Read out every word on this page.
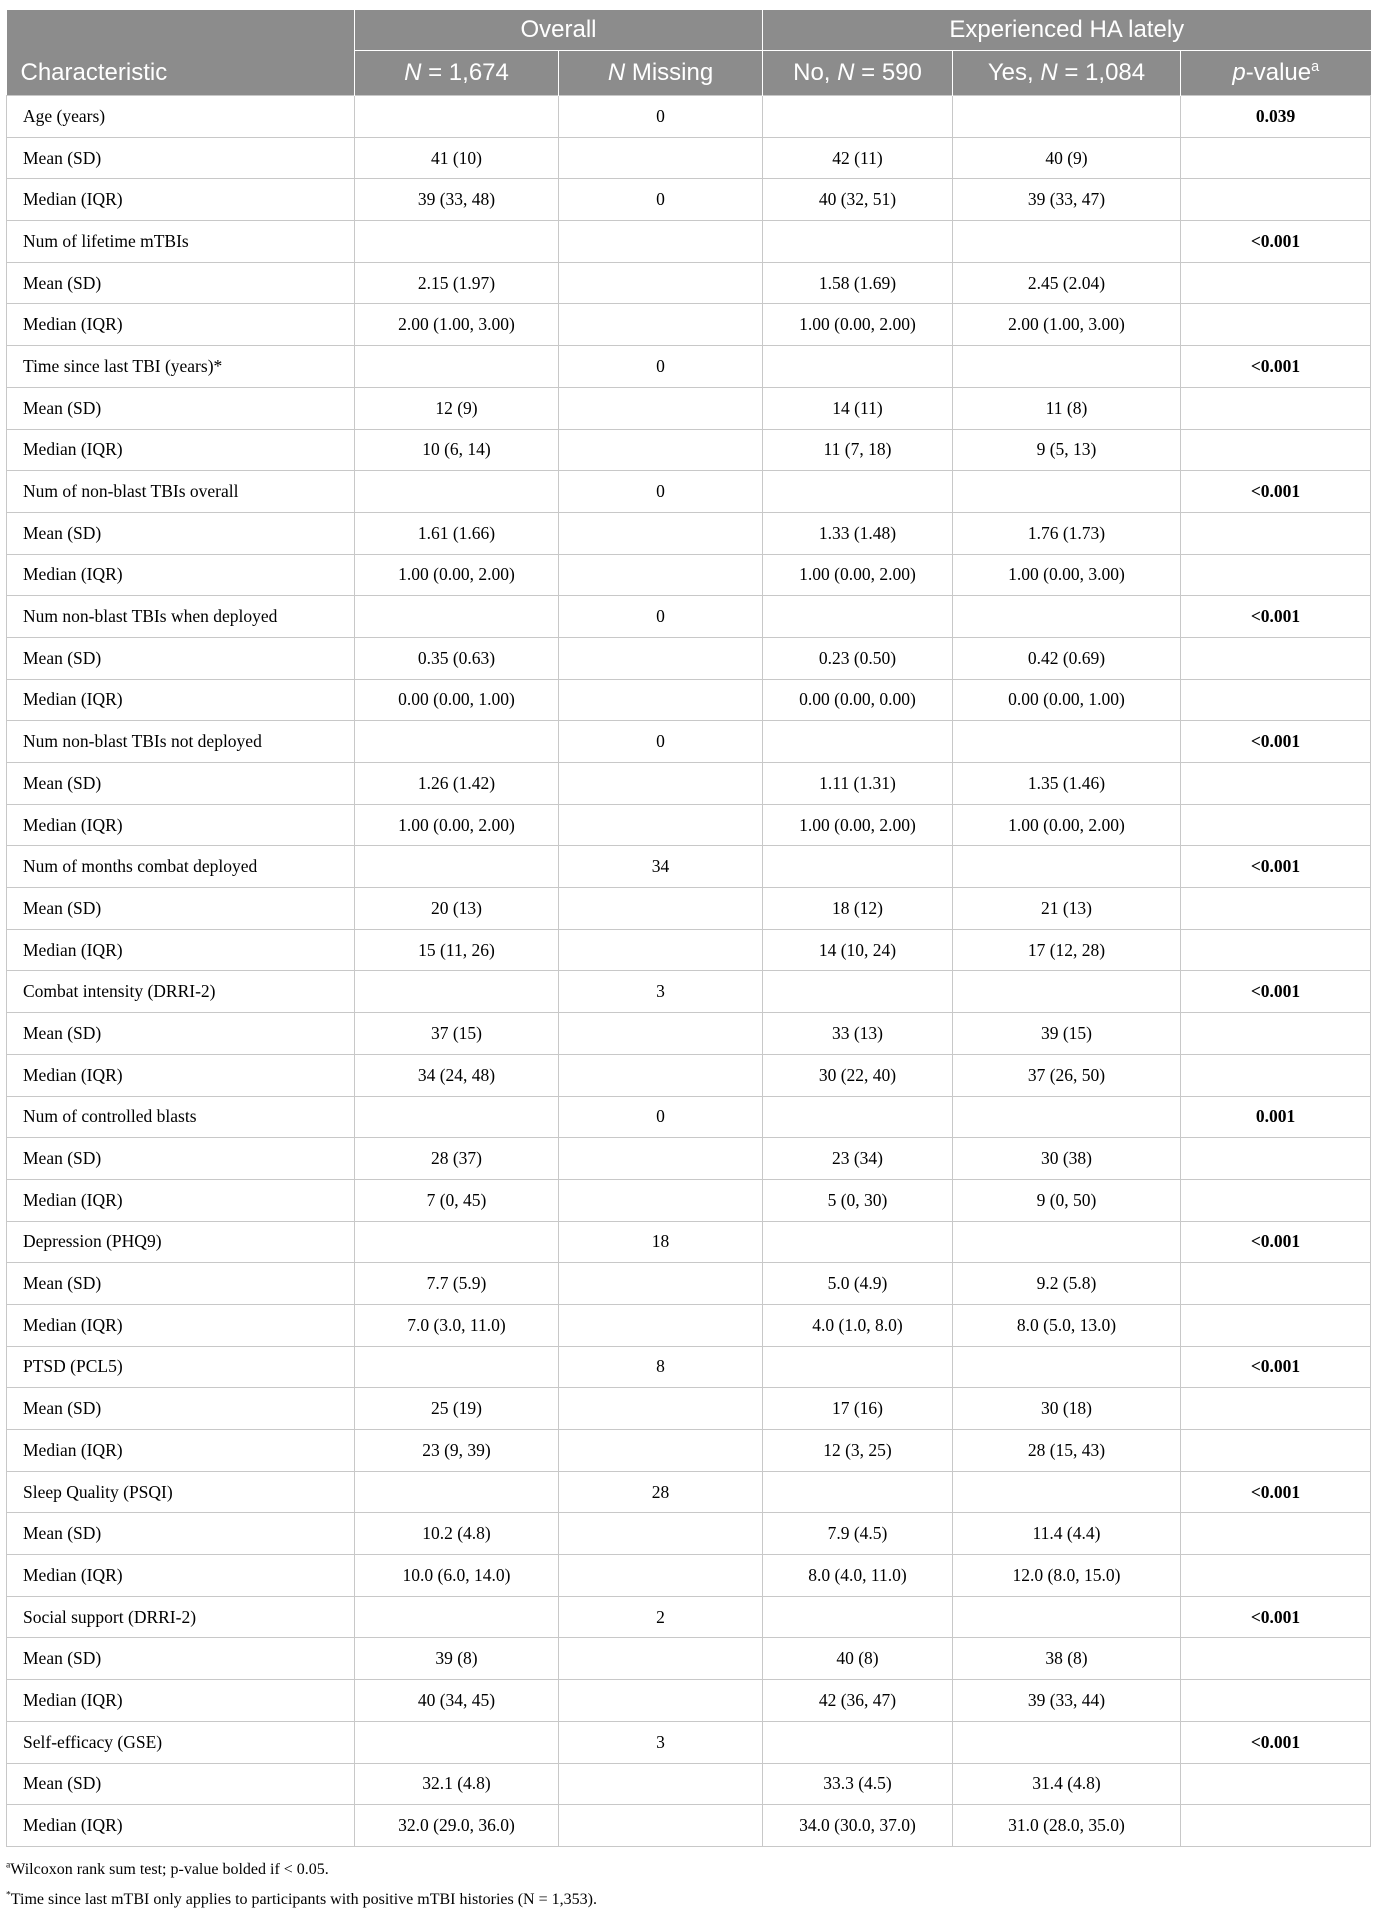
	Overall		Experienced HA lately		
Characteristic	N = 1,674	N Missing	No, N = 590	Yes, N = 1,084	p-value$^a$
Age (years)		0			0.039
Mean (SD)	41 (10)		42 (11)	40 (9)	
Median (IQR)	39 (33, 48)	0	40 (32, 51)	39 (33, 47)	
Num of lifetime mTBIs					<0.001
Mean (SD)	2.15 (1.97)		1.58 (1.69)	2.45 (2.04)	
Median (IQR)	2.00 (1.00, 3.00)		1.00 (0.00, 2.00)	2.00 (1.00, 3.00)	
Time since last TBI (years)*		0			<0.001
Mean (SD)	12 (9)		14 (11)	11 (8)	
Median (IQR)	10 (6, 14)		11 (7, 18)	9 (5, 13)	
Num of non-blast TBIs overall		0			<0.001
Mean (SD)	1.61 (1.66)		1.33 (1.48)	1.76 (1.73)	
Median (IQR)	1.00 (0.00, 2.00)		1.00 (0.00, 2.00)	1.00 (0.00, 3.00)	
Num non-blast TBIs when deployed		0			<0.001
Mean (SD)	0.35 (0.63)		0.23 (0.50)	0.42 (0.69)	
Median (IQR)	0.00 (0.00, 1.00)		0.00 (0.00, 0.00)	0.00 (0.00, 1.00)	
Num non-blast TBIs not deployed		0			<0.001
Mean (SD)	1.26 (1.42)		1.11 (1.31)	1.35 (1.46)	
Median (IQR)	1.00 (0.00, 2.00)		1.00 (0.00, 2.00)	1.00 (0.00, 2.00)	
Num of months combat deployed		34			<0.001
Mean (SD)	20 (13)		18 (12)	21 (13)	
Median (IQR)	15 (11, 26)		14 (10, 24)	17 (12, 28)	
Combat intensity (DRRI-2)		3			<0.001
Mean (SD)	37 (15)		33 (13)	39 (15)	
Median (IQR)	34 (24, 48)		30 (22, 40)	37 (26, 50)	
Num of controlled blasts		0			0.001
Mean (SD)	28 (37)		23 (34)	30 (38)	
Median (IQR)	7 (0, 45)		5 (0, 30)	9 (0, 50)	
Depression (PHQ9)		18			<0.001
Mean (SD)	7.7 (5.9)		5.0 (4.9)	9.2 (5.8)	
Median (IQR)	7.0 (3.0, 11.0)		4.0 (1.0, 8.0)	8.0 (5.0, 13.0)	
PTSD (PCL5)		8			<0.001
Mean (SD)	25 (19)		17 (16)	30 (18)	
Median (IQR)	23 (9, 39)		12 (3, 25)	28 (15, 43)	
Sleep Quality (PSQI)		28			<0.001
Mean (SD)	10.2 (4.8)		7.9 (4.5)	11.4 (4.4)	
Median (IQR)	10.0 (6.0, 14.0)		8.0 (4.0, 11.0)	12.0 (8.0, 15.0)	
Social support (DRRI-2)		2			<0.001
Mean (SD)	39 (8)		40 (8)	38 (8)	
Median (IQR)	40 (34, 45)		42 (36, 47)	39 (33, 44)	
Self-efficacy (GSE)		3			<0.001
Mean (SD)	32.1 (4.8)		33.3 (4.5)	31.4 (4.8)	
Median (IQR)	32.0 (29.0, 36.0)		34.0 (30.0, 37.0)	31.0 (28.0, 35.0)	
$^a$Wilcoxon rank sum test; p-value bolded if < 0.05.
*Time since last mTBI only applies to participants with positive mTBI histories (N = 1,353).
